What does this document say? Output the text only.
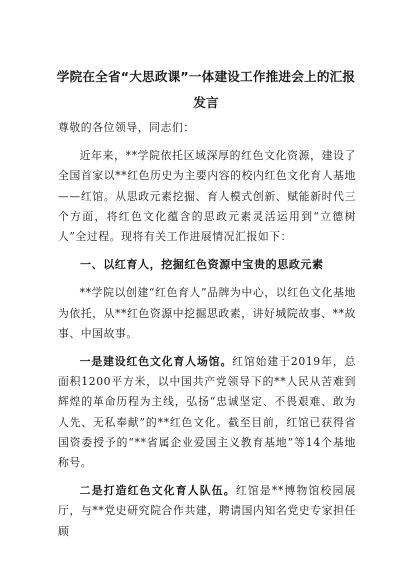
学院在全省“大思政课”一体建设工作推进会上的汇报发言

尊敬的各位领导，同志们：

近年来，**学院依托区域深厚的红色文化资源，建设了全国首家以**红色历史为主要内容的校内红色文化育人基地——红馆。从思政元素挖掘、育人模式创新、赋能新时代三个方面，将红色文化蕴含的思政元素灵活运用到“立德树人”全过程。现将有关工作进展情况汇报如下：

一、以红育人，挖掘红色资源中宝贵的思政元素

**学院以创建“红色育人”品牌为中心，以红色文化基地为依托，从**红色资源中挖掘思政素，讲好城院故事、**故事、中国故事。

一是建设红色文化育人场馆。红馆始建于2019年，总面积1200平方米，以中国共产党领导下的**人民从苦难到辉煌的革命历程为主线，弘扬“忠诚坚定、不畏艰难、敢为人先、无私奉献”的**红色文化。截至目前，红馆已获得省国资委授予的“**省属企业爱国主义教育基地”等14个基地称号。

二是打造红色文化育人队伍。红馆是**博物馆校园展厅，与**党史研究院合作共建，聘请国内知名党史专家担任顾
